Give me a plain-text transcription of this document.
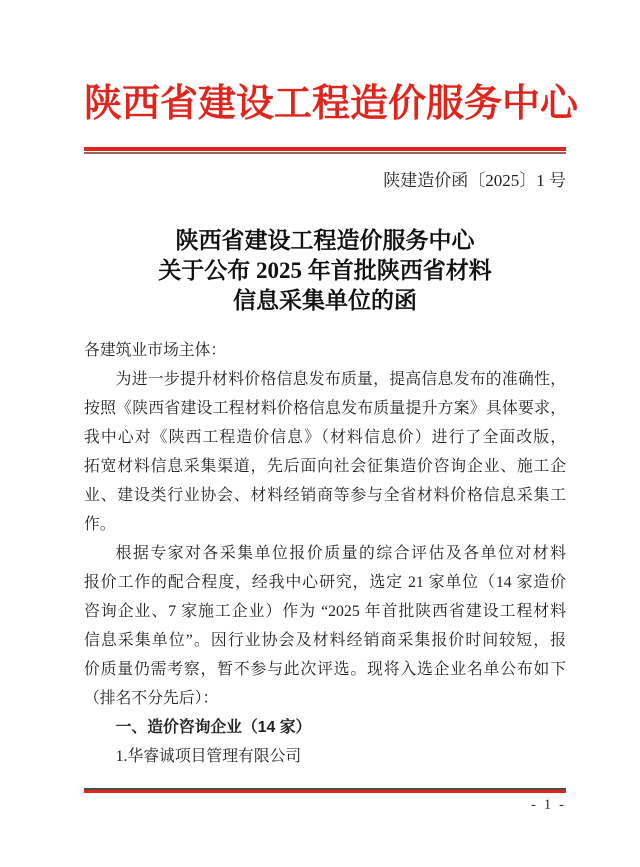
陕西省建设工程造价服务中心
陕建造价函〔2025〕1 号
陕西省建设工程造价服务中心
关于公布 2025 年首批陕西省材料
信息采集单位的函
各建筑业市场主体：
为进一步提升材料价格信息发布质量，提高信息发布的准确性，
按照《陕西省建设工程材料价格信息发布质量提升方案》具体要求，
我中心对《陕西工程造价信息》（材料信息价）进行了全面改版，
拓宽材料信息采集渠道，先后面向社会征集造价咨询企业、施工企
业、建设类行业协会、材料经销商等参与全省材料价格信息采集工
作。
根据专家对各采集单位报价质量的综合评估及各单位对材料
报价工作的配合程度，经我中心研究，选定 21 家单位（14 家造价
咨询企业、7 家施工企业）作为 “2025 年首批陕西省建设工程材料
信息采集单位”。因行业协会及材料经销商采集报价时间较短，报
价质量仍需考察，暂不参与此次评选。现将入选企业名单公布如下
（排名不分先后）：
一、造价咨询企业（14 家）
1.华睿诚项目管理有限公司
- 1 -
